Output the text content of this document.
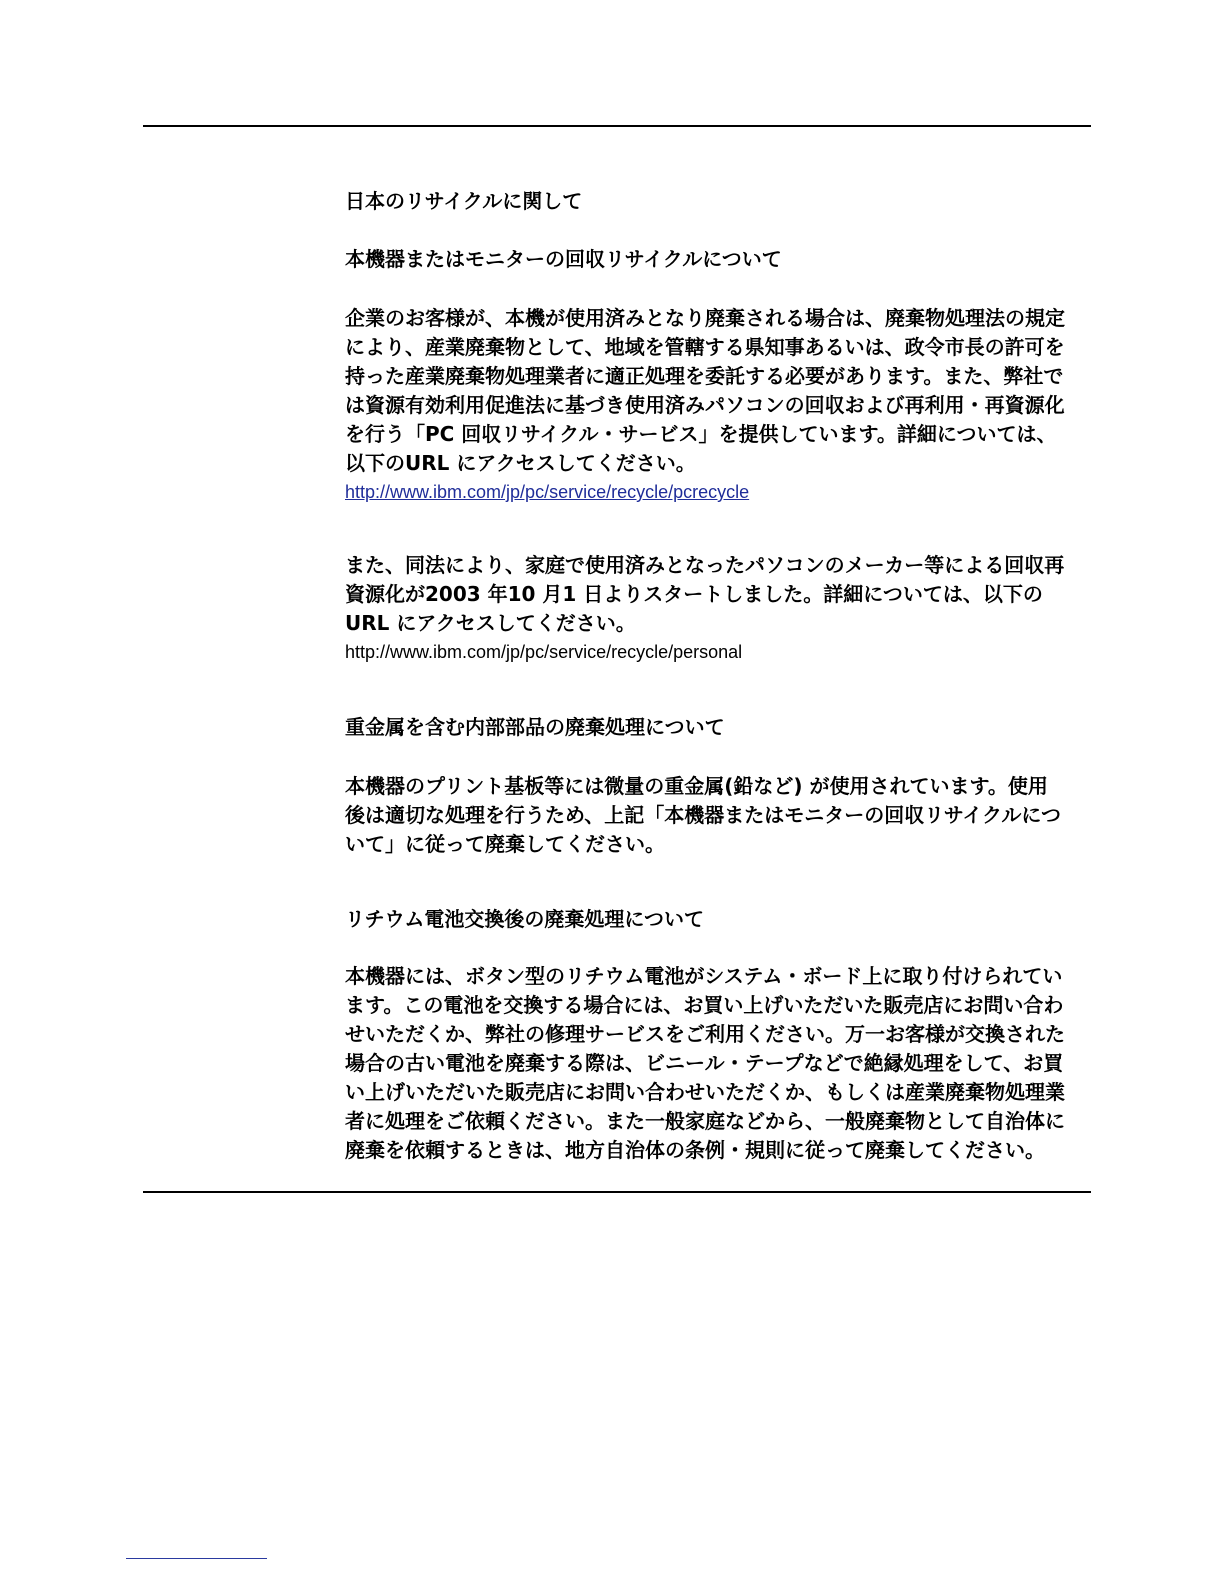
日本のリサイクルに関して
本機器またはモニターの回収リサイクルについて
企業のお客様が、本機が使用済みとなり廃棄される場合は、廃棄物処理法の規定
により、産業廃棄物として、地域を管轄する県知事あるいは、政令市長の許可を
持った産業廃棄物処理業者に適正処理を委託する必要があります。また、弊社で
は資源有効利用促進法に基づき使用済みパソコンの回収および再利用・再資源化
を行う「PC 回収リサイクル・サービス」を提供しています。詳細については、
以下のURL にアクセスしてください。
http://www.ibm.com/jp/pc/service/recycle/pcrecycle
また、同法により、家庭で使用済みとなったパソコンのメーカー等による回収再
資源化が2003 年10 月1 日よりスタートしました。詳細については、以下の
URL にアクセスしてください。
http://www.ibm.com/jp/pc/service/recycle/personal
重金属を含む内部部品の廃棄処理について
本機器のプリント基板等には微量の重金属(鉛など) が使用されています。使用
後は適切な処理を行うため、上記「本機器またはモニターの回収リサイクルにつ
いて」に従って廃棄してください。
リチウム電池交換後の廃棄処理について
本機器には、ボタン型のリチウム電池がシステム・ボード上に取り付けられてい
ます。この電池を交換する場合には、お買い上げいただいた販売店にお問い合わ
せいただくか、弊社の修理サービスをご利用ください。万一お客様が交換された
場合の古い電池を廃棄する際は、ビニール・テープなどで絶縁処理をして、お買
い上げいただいた販売店にお問い合わせいただくか、もしくは産業廃棄物処理業
者に処理をご依頼ください。また一般家庭などから、一般廃棄物として自治体に
廃棄を依頼するときは、地方自治体の条例・規則に従って廃棄してください。
